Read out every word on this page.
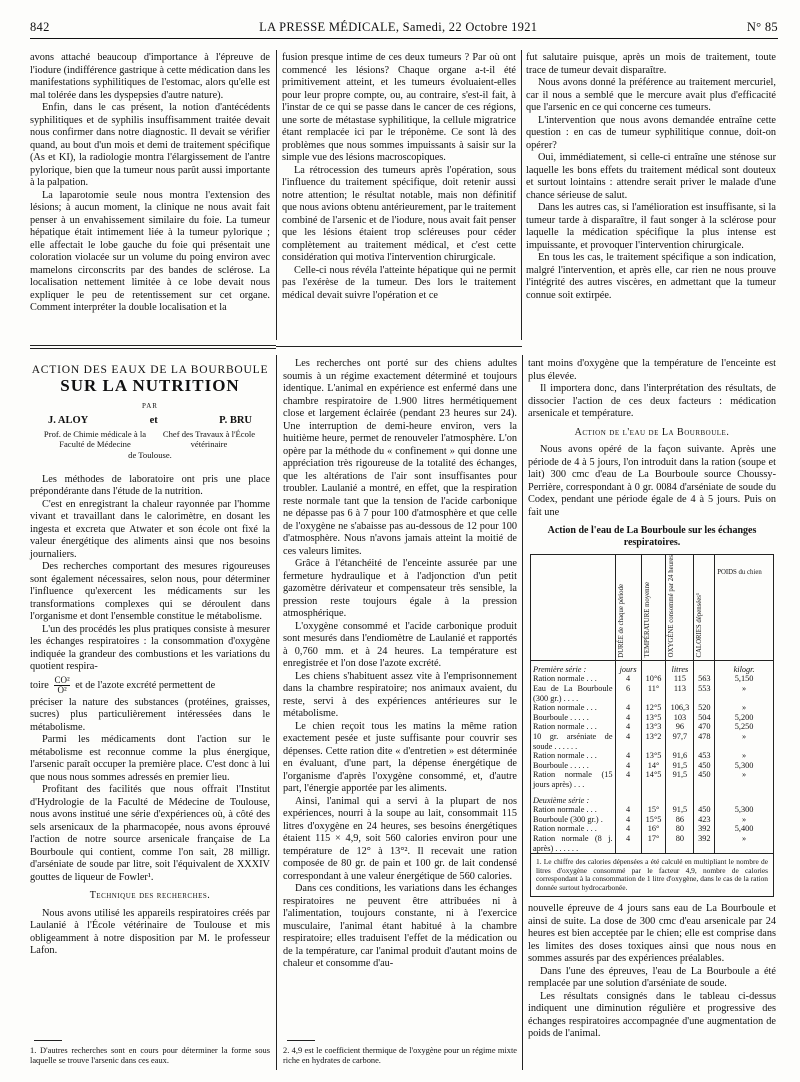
842	LA PRESSE MÉDICALE, Samedi, 22 Octobre 1921	N° 85

avons attaché beaucoup d'importance à l'épreuve de l'iodure (indifférence gastrique à cette médication dans les manifestations syphilitiques de l'estomac, alors qu'elle est mal tolérée dans les dyspepsies d'autre nature).

Enfin, dans le cas présent, la notion d'antécédents syphilitiques et de syphilis insuffisamment traitée devait nous confirmer dans notre diagnostic. Il devait se vérifier quand, au bout d'un mois et demi de traitement spécifique (As et KI), la radiologie montra l'élargissement de l'antre pylorique, bien que la tumeur nous parût aussi importante à la palpation.

La laparotomie seule nous montra l'extension des lésions; à aucun moment, la clinique ne nous avait fait penser à un envahissement similaire du foie. La tumeur hépatique était intimement liée à la tumeur pylorique ; elle affectait le lobe gauche du foie qui présentait une coloration violacée sur un volume du poing environ avec mamelons circonscrits par des bandes de sclérose. La localisation nettement limitée à ce lobe devait nous expliquer le peu de retentissement sur cet organe. Comment interpréter la double localisation et la

fusion presque intime de ces deux tumeurs ? Par où ont commencé les lésions? Chaque organe a-t-il été primitivement atteint, et les tumeurs évoluaient-elles pour leur propre compte, ou, au contraire, s'est-il fait, à l'instar de ce qui se passe dans le cancer de ces régions, une sorte de métastase syphilitique, la cellule migratrice étant remplacée ici par le tréponème. Ce sont là des problèmes que nous sommes impuissants à saisir sur la simple vue des lésions macroscopiques.

La rétrocession des tumeurs après l'opération, sous l'influence du traitement spécifique, doit retenir aussi notre attention; le résultat notable, mais non définitif que nous avions obtenu antérieurement, par le traitement combiné de l'arsenic et de l'iodure, nous avait fait penser que les lésions étaient trop scléreuses pour céder complètement au traitement médical, et c'est cette considération qui motiva l'intervention chirurgicale.

Celle-ci nous révéla l'atteinte hépatique qui ne permit pas l'exérèse de la tumeur. Des lors le traitement médical devait suivre l'opération et ce

fut salutaire puisque, après un mois de traitement, toute trace de tumeur devait disparaître.

Nous avons donné la préférence au traitement mercuriel, car il nous a semblé que le mercure avait plus d'efficacité que l'arsenic en ce qui concerne ces tumeurs.

L'intervention que nous avons demandée entraîne cette question : en cas de tumeur syphilitique connue, doit-on opérer?

Oui, immédiatement, si celle-ci entraîne une sténose sur laquelle les bons effets du traitement médical sont douteux et surtout lointains : attendre serait priver le malade d'une chance sérieuse de salut.

Dans les autres cas, si l'amélioration est insuffisante, si la tumeur tarde à disparaître, il faut songer à la sclérose pour laquelle la médication spécifique la plus intense est impuissante, et provoquer l'intervention chirurgicale.

En tous les cas, le traitement spécifique a son indication, malgré l'intervention, et après elle, car rien ne nous prouve l'intégrité des autres viscères, en admettant que la tumeur connue soit extirpée.

ACTION DES EAUX DE LA BOURBOULE
SUR LA NUTRITION
PAR
J. ALOY	et	P. BRU
Prof. de Chimie médicale à la Faculté de Médecine
Chef des Travaux à l'École vétérinaire
de Toulouse.

Les méthodes de laboratoire ont pris une place prépondérante dans l'étude de la nutrition.

C'est en enregistrant la chaleur rayonnée par l'homme vivant et travaillant dans le calorimètre, en dosant les ingesta et excreta que Atwater et son école ont fixé la valeur énergétique des aliments ainsi que nos besoins journaliers.

Des recherches comportant des mesures rigoureuses sont également nécessaires, selon nous, pour déterminer l'influence qu'exercent les médicaments sur les transformations complexes qui se déroulent dans l'organisme et dont l'ensemble constitue le métabolisme.

L'un des procédés les plus pratiques consiste à mesurer les échanges respiratoires : la consommation d'oxygène indiquée la grandeur des combustions et les variations du quotient respira-

toire $\frac{\text{CO²}}{\text{O²}}$ et de l'azote excrété permettent de

préciser la nature des substances (protéines, graisses, sucres) plus particulièrement intéressées dans le métabolisme.

Parmi les médicaments dont l'action sur le métabolisme est reconnue comme la plus énergique, l'arsenic paraît occuper la première place. C'est donc à lui que nous nous sommes adressés en premier lieu.

Profitant des facilités que nous offrait l'Institut d'Hydrologie de la Faculté de Médecine de Toulouse, nous avons institué une série d'expériences où, à côté des sels arsenicaux de la pharmacopée, nous avons éprouvé l'action de notre source arsenicale française de La Bourboule qui contient, comme l'on sait, 28 milligr. d'arséniate de soude par litre, soit l'équivalent de XXXIV gouttes de liqueur de Fowler¹.

Technique des recherches.

Nous avons utilisé les appareils respiratoires créés par Laulanié à l'École vétérinaire de Toulouse et mis obligeamment à notre disposition par M. le professeur Lafon.

1. D'autres recherches sont en cours pour déterminer la forme sous laquelle se trouve l'arsenic dans ces eaux.

Les recherches ont porté sur des chiens adultes soumis à un régime exactement déterminé et toujours identique. L'animal en expérience est enfermé dans une chambre respiratoire de 1.900 litres hermétiquement close et largement éclairée (pendant 23 heures sur 24). Une interruption de demi-heure environ, vers la huitième heure, permet de renouveler l'atmosphère. L'on opère par la méthode du « confinement » qui donne une appréciation très rigoureuse de la totalité des échanges, que les altérations de l'air sont insuffisantes pour troubler. Laulanié a montré, en effet, que la respiration reste normale tant que la tension de l'acide carbonique ne dépasse pas 6 à 7 pour 100 d'atmosphère et que celle de l'oxygène ne s'abaisse pas au-dessous de 12 pour 100 d'atmosphère. Nous n'avons jamais atteint la moitié de ces valeurs limites.

Grâce à l'étanchéité de l'enceinte assurée par une fermeture hydraulique et à l'adjonction d'un petit gazomètre dérivateur et compensateur très sensible, la pression reste toujours égale à la pression atmosphérique.

L'oxygène consommé et l'acide carbonique produit sont mesurés dans l'endiomètre de Laulanié et rapportés à 0,760 mm. et à 24 heures. La température est enregistrée et l'on dose l'azote excrété.

Les chiens s'habituent assez vite à l'emprisonnement dans la chambre respiratoire; nos animaux avaient, du reste, servi à des expériences antérieures sur le métabolisme.

Le chien reçoit tous les matins la même ration exactement pesée et juste suffisante pour couvrir ses dépenses. Cette ration dite « d'entretien » est déterminée en évaluant, d'une part, la dépense énergétique de l'organisme d'après l'oxygène consommé, et, d'autre part, l'énergie apportée par les aliments.

Ainsi, l'animal qui a servi à la plupart de nos expériences, nourri à la soupe au lait, consommait 115 litres d'oxygène en 24 heures, ses besoins énergétiques étaient 115 × 4,9, soit 560 calories environ pour une température de 12° à 13°². Il recevait une ration composée de 80 gr. de pain et 100 gr. de lait condensé correspondant à une valeur énergétique de 560 calories.

Dans ces conditions, les variations dans les échanges respiratoires ne peuvent être attribuées ni à l'alimentation, toujours constante, ni à l'exercice musculaire, l'animal étant habitué à la chambre respiratoire; elles traduisent l'effet de la médication ou de la température, car l'animal produit d'autant moins de chaleur et consomme d'au-

2. 4,9 est le coefficient thermique de l'oxygène pour un régime mixte riche en hydrates de carbone.

tant moins d'oxygène que la température de l'enceinte est plus élevée.

Il importera donc, dans l'interprétation des résultats, de dissocier l'action de ces deux facteurs : médication arsenicale et température.

Action de l'eau de La Bourboule.

Nous avons opéré de la façon suivante. Après une période de 4 à 5 jours, l'on introduit dans la ration (soupe et lait) 300 cmc d'eau de La Bourboule source Choussy-Perrière, correspondant à 0 gr. 0084 d'arséniate de soude du Codex, pendant une période égale de 4 à 5 jours. Puis on fait une

Action de l'eau de La Bourboule sur les échanges respiratoires.
	DURÉE de chaque période	TEMPÉRATURE moyenne	OXYGÈNE consommé par 24 heures	CALORIES dépensées¹	POIDS du chien
Première série :	jours		litres		kilogr.
Ration normale . . .	4	10°6	115	563	5,150
Eau de La Bourboule (300 gr.) . . . .	6	11°	113	553	»
Ration normale . . .	4	12°5	106,3	520	»
Bourboule . . . . .	4	13°5	103	504	5,200
Ration normale . . .	4	13°3	96	470	5,250
10 gr. arséniate de soude . . . . . .	4	13°2	97,7	478	»
Ration normale . . .	4	13°5	91,6	453	»
Bourboule . . . . .	4	14°	91,5	450	5,300
Ration normale (15 jours après) . . .	4	14°5	91,5	450	»
Deuxième série :					
Ration normale . . .	4	15°	91,5	450	5,300
Bourboule (300 gr.) .	4	15°5	86	423	»
Ration normale . . .	4	16°	80	392	5,400
Ration normale (8 j. après) . . . . . .	4	17°	80	392	»
1. Le chiffre des calories dépensées a été calculé en multipliant le nombre de litres d'oxygène consommé par le facteur 4,9, nombre de calories correspondant à la consommation de 1 litre d'oxygène, dans le cas de la ration donnée surtout hydrocarbonée.

nouvelle épreuve de 4 jours sans eau de La Bourboule et ainsi de suite. La dose de 300 cmc d'eau arsenicale par 24 heures est bien acceptée par le chien; elle est comprise dans les limites des doses toxiques ainsi que nous nous en sommes assurés par des expériences préalables.

Dans l'une des épreuves, l'eau de La Bourboule a été remplacée par une solution d'arséniate de soude.

Les résultats consignés dans le tableau ci-dessus indiquent une diminution régulière et progressive des échanges respiratoires accompagnée d'une augmentation de poids de l'animal.
